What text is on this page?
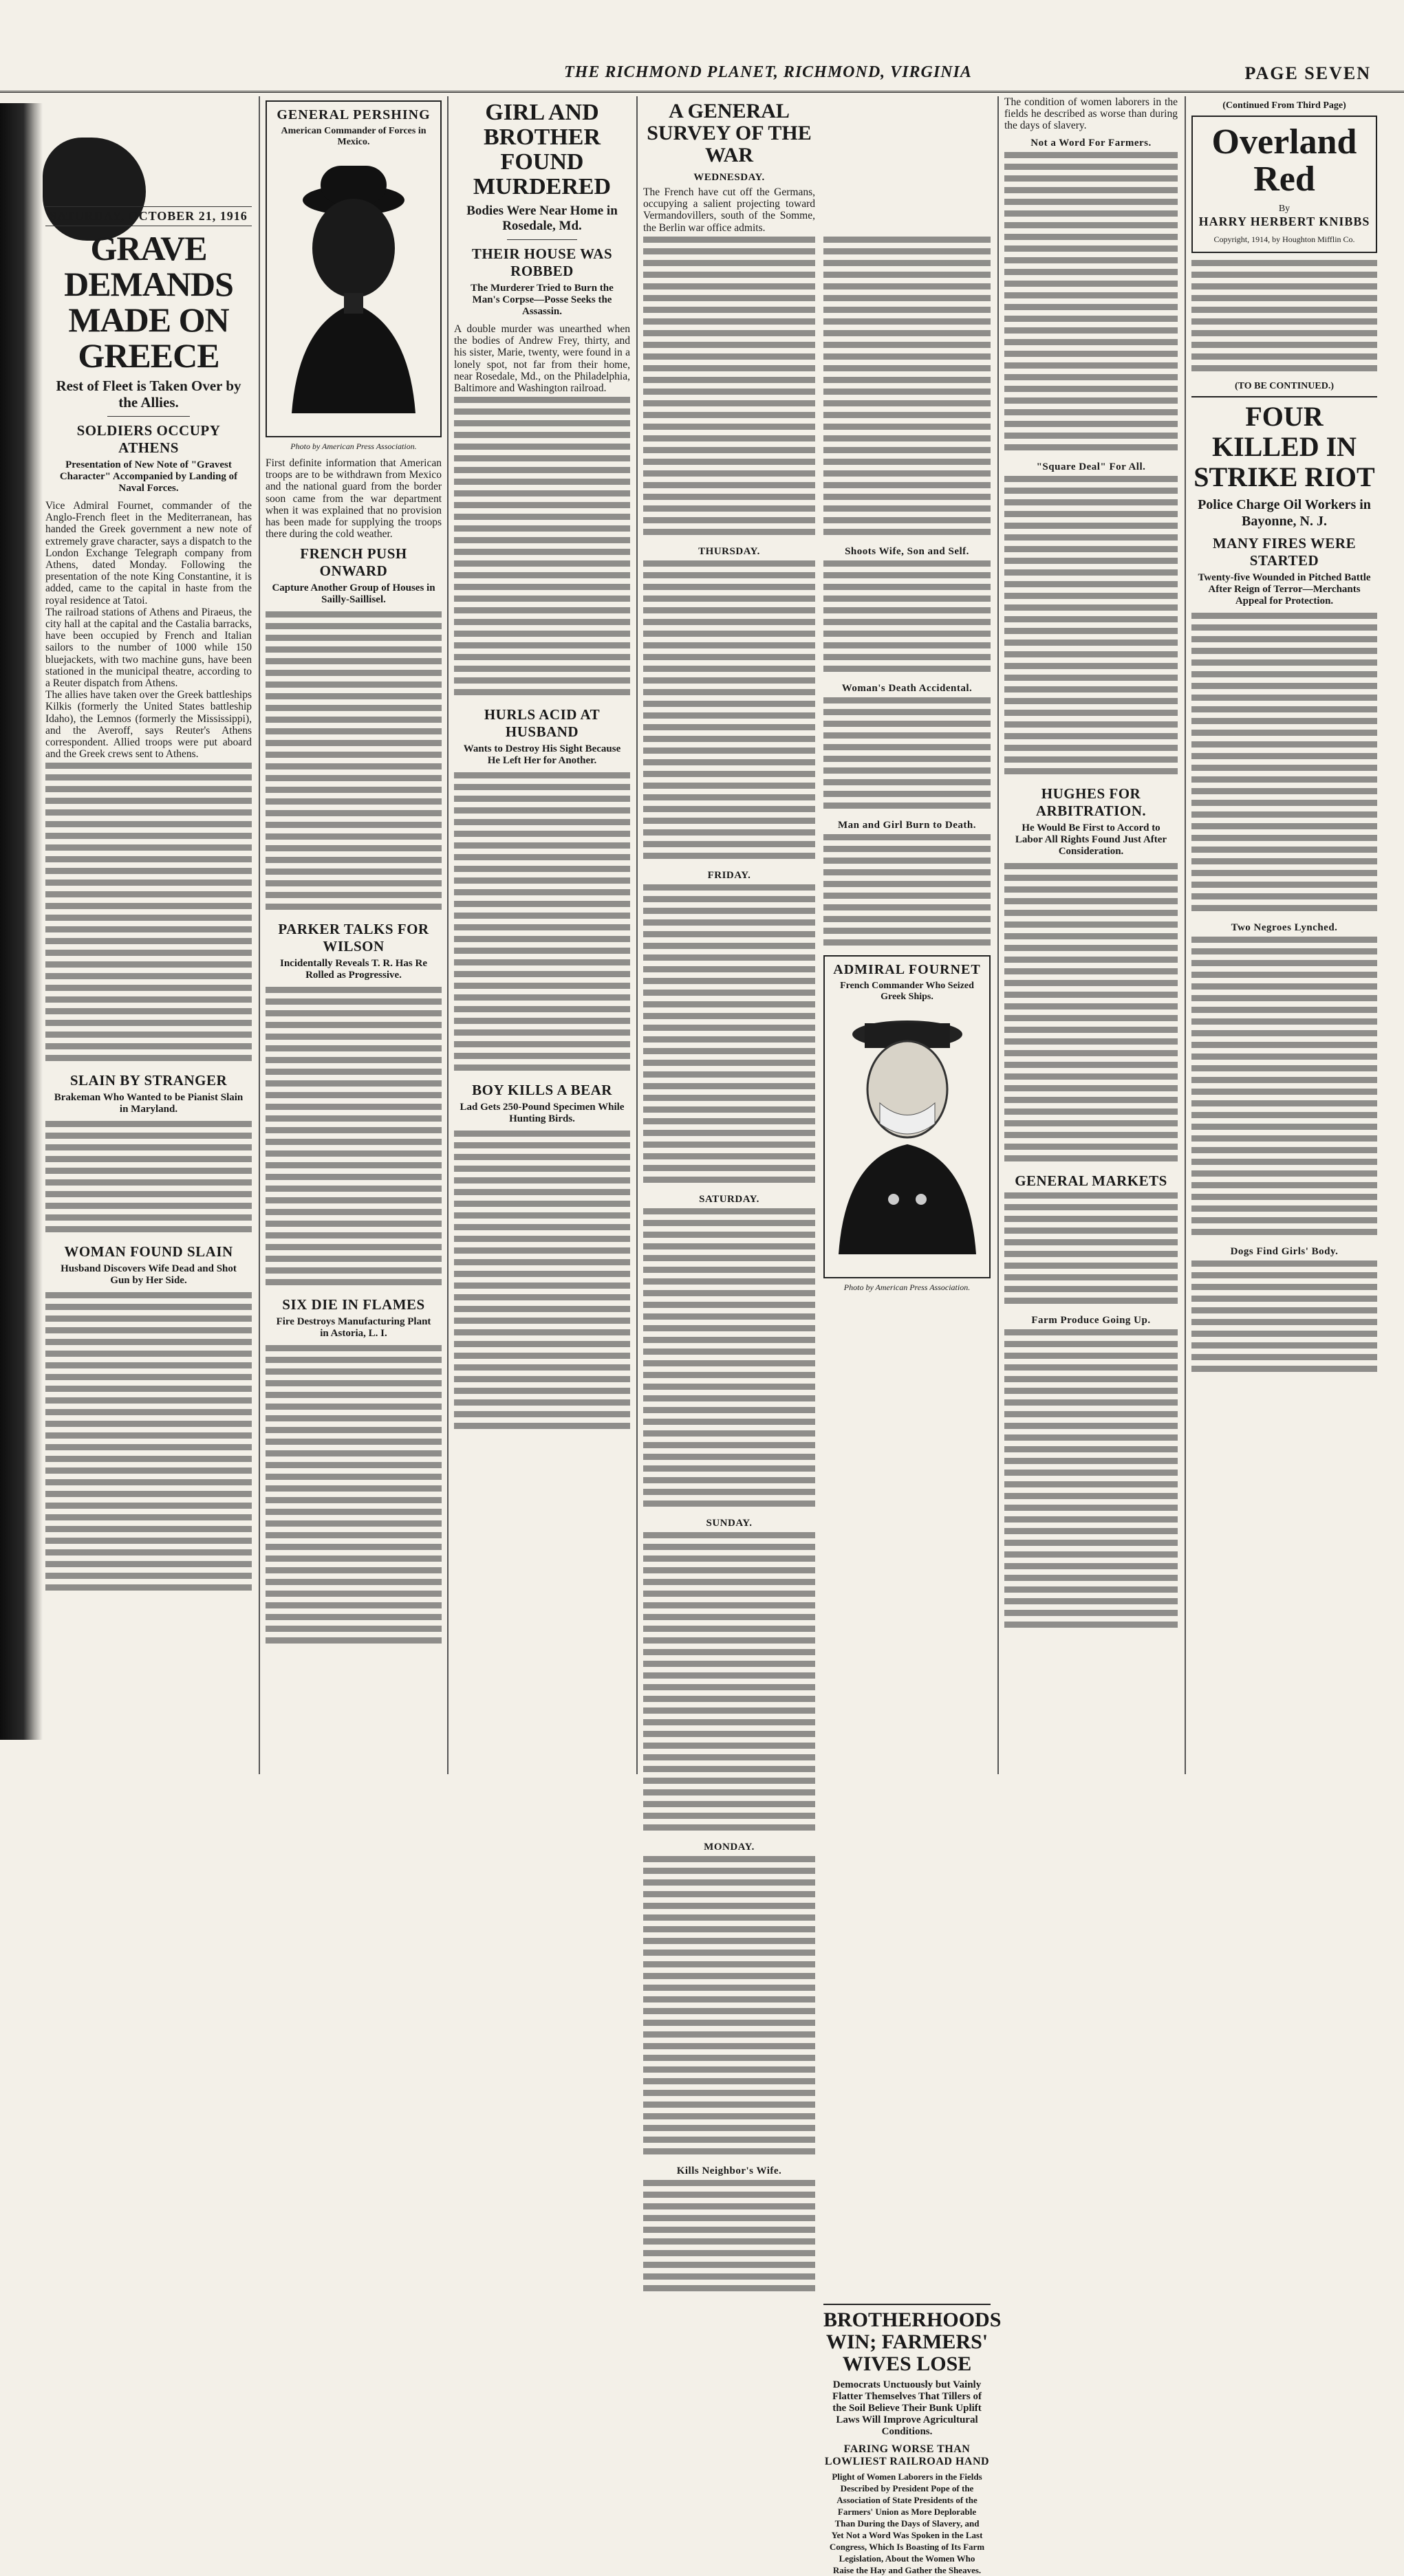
THE RICHMOND PLANET, RICHMOND, VIRGINIA	PAGE SEVEN
SATURDAY, OCTOBER 21, 1916
GRAVE DEMANDS MADE ON GREECE
Rest of Fleet is Taken Over by the Allies.
SOLDIERS OCCUPY ATHENS
Presentation of New Note of "Gravest Character" Accompanied by Landing of Naval Forces.

Vice Admiral Fournet, commander of the Anglo-French fleet in the Mediterranean, has handed the Greek government a new note of extremely grave character, says a dispatch to the London Exchange Telegraph company from Athens, dated Monday. Following the presentation of the note King Constantine, it is added, came to the capital in haste from the royal residence at Tatoi.

The railroad stations of Athens and Piraeus, the city hall at the capital and the Castalia barracks, have been occupied by French and Italian sailors to the number of 1000 while 150 bluejackets, with two machine guns, have been stationed in the municipal theatre, according to a Reuter dispatch from Athens.

The allies have taken over the Greek battleships Kilkis (formerly the United States battleship Idaho), the Lemnos (formerly the Mississippi), and the Averoff, says Reuter's Athens correspondent. Allied troops were put aboard and the Greek crews sent to Athens.

SLAIN BY STRANGER
Brakeman Who Wanted to be Pianist Slain in Maryland.
WOMAN FOUND SLAIN
Husband Discovers Wife Dead and Shot Gun by Her Side.
GENERAL PERSHING
American Commander of Forces in Mexico.
Photo by American Press Association.

First definite information that American troops are to be withdrawn from Mexico and the national guard from the border soon came from the war department when it was explained that no provision has been made for supplying the troops there during the cold weather.

FRENCH PUSH ONWARD
Capture Another Group of Houses in Sailly-Saillisel.
PARKER TALKS FOR WILSON
Incidentally Reveals T. R. Has Re Rolled as Progressive.
SIX DIE IN FLAMES
Fire Destroys Manufacturing Plant in Astoria, L. I.
GIRL AND BROTHER FOUND MURDERED
Bodies Were Near Home in Rosedale, Md.
THEIR HOUSE WAS ROBBED
The Murderer Tried to Burn the Man's Corpse—Posse Seeks the Assassin.

A double murder was unearthed when the bodies of Andrew Frey, thirty, and his sister, Marie, twenty, were found in a lonely spot, not far from their home, near Rosedale, Md., on the Philadelphia, Baltimore and Washington railroad.

HURLS ACID AT HUSBAND
Wants to Destroy His Sight Because He Left Her for Another.
BOY KILLS A BEAR
Lad Gets 250-Pound Specimen While Hunting Birds.
A GENERAL SURVEY OF THE WAR
WEDNESDAY.

The French have cut off the Germans, occupying a salient projecting toward Vermandovillers, south of the Somme, the Berlin war office admits.

THURSDAY.
FRIDAY.
SATURDAY.
SUNDAY.
MONDAY.
Kills Neighbor's Wife.
Shoots Wife, Son and Self.
Woman's Death Accidental.
Man and Girl Burn to Death.
ADMIRAL FOURNET
French Commander Who Seized Greek Ships.
Photo by American Press Association.
BROTHERHOODS WIN; FARMERS' WIVES LOSE
Democrats Unctuously but Vainly Flatter Themselves That Tillers of the Soil Believe Their Bunk Uplift Laws Will Improve Agricultural Conditions.
FARING WORSE THAN LOWLIEST RAILROAD HAND
Plight of Women Laborers in the Fields Described by President Pope of the Association of State Presidents of the Farmers' Union as More Deplorable Than During the Days of Slavery, and Yet Not a Word Was Spoken in the Last Congress, Which Is Boasting of Its Farm Legislation, About the Women Who Raise the Hay and Gather the Sheaves.

The condition of women laborers in the fields he described as worse than during the days of slavery.

Not a Word For Farmers.
"Square Deal" For All.
HUGHES FOR ARBITRATION.
He Would Be First to Accord to Labor All Rights Found Just After Consideration.
GENERAL MARKETS
Farm Produce Going Up.
(Continued From Third Page)
Overland Red
By
HARRY HERBERT KNIBBS
Copyright, 1914, by Houghton Mifflin Co.
(TO BE CONTINUED.)
FOUR KILLED IN STRIKE RIOT
Police Charge Oil Workers in Bayonne, N. J.
MANY FIRES WERE STARTED
Twenty-five Wounded in Pitched Battle After Reign of Terror—Merchants Appeal for Protection.
Two Negroes Lynched.
Dogs Find Girls' Body.
